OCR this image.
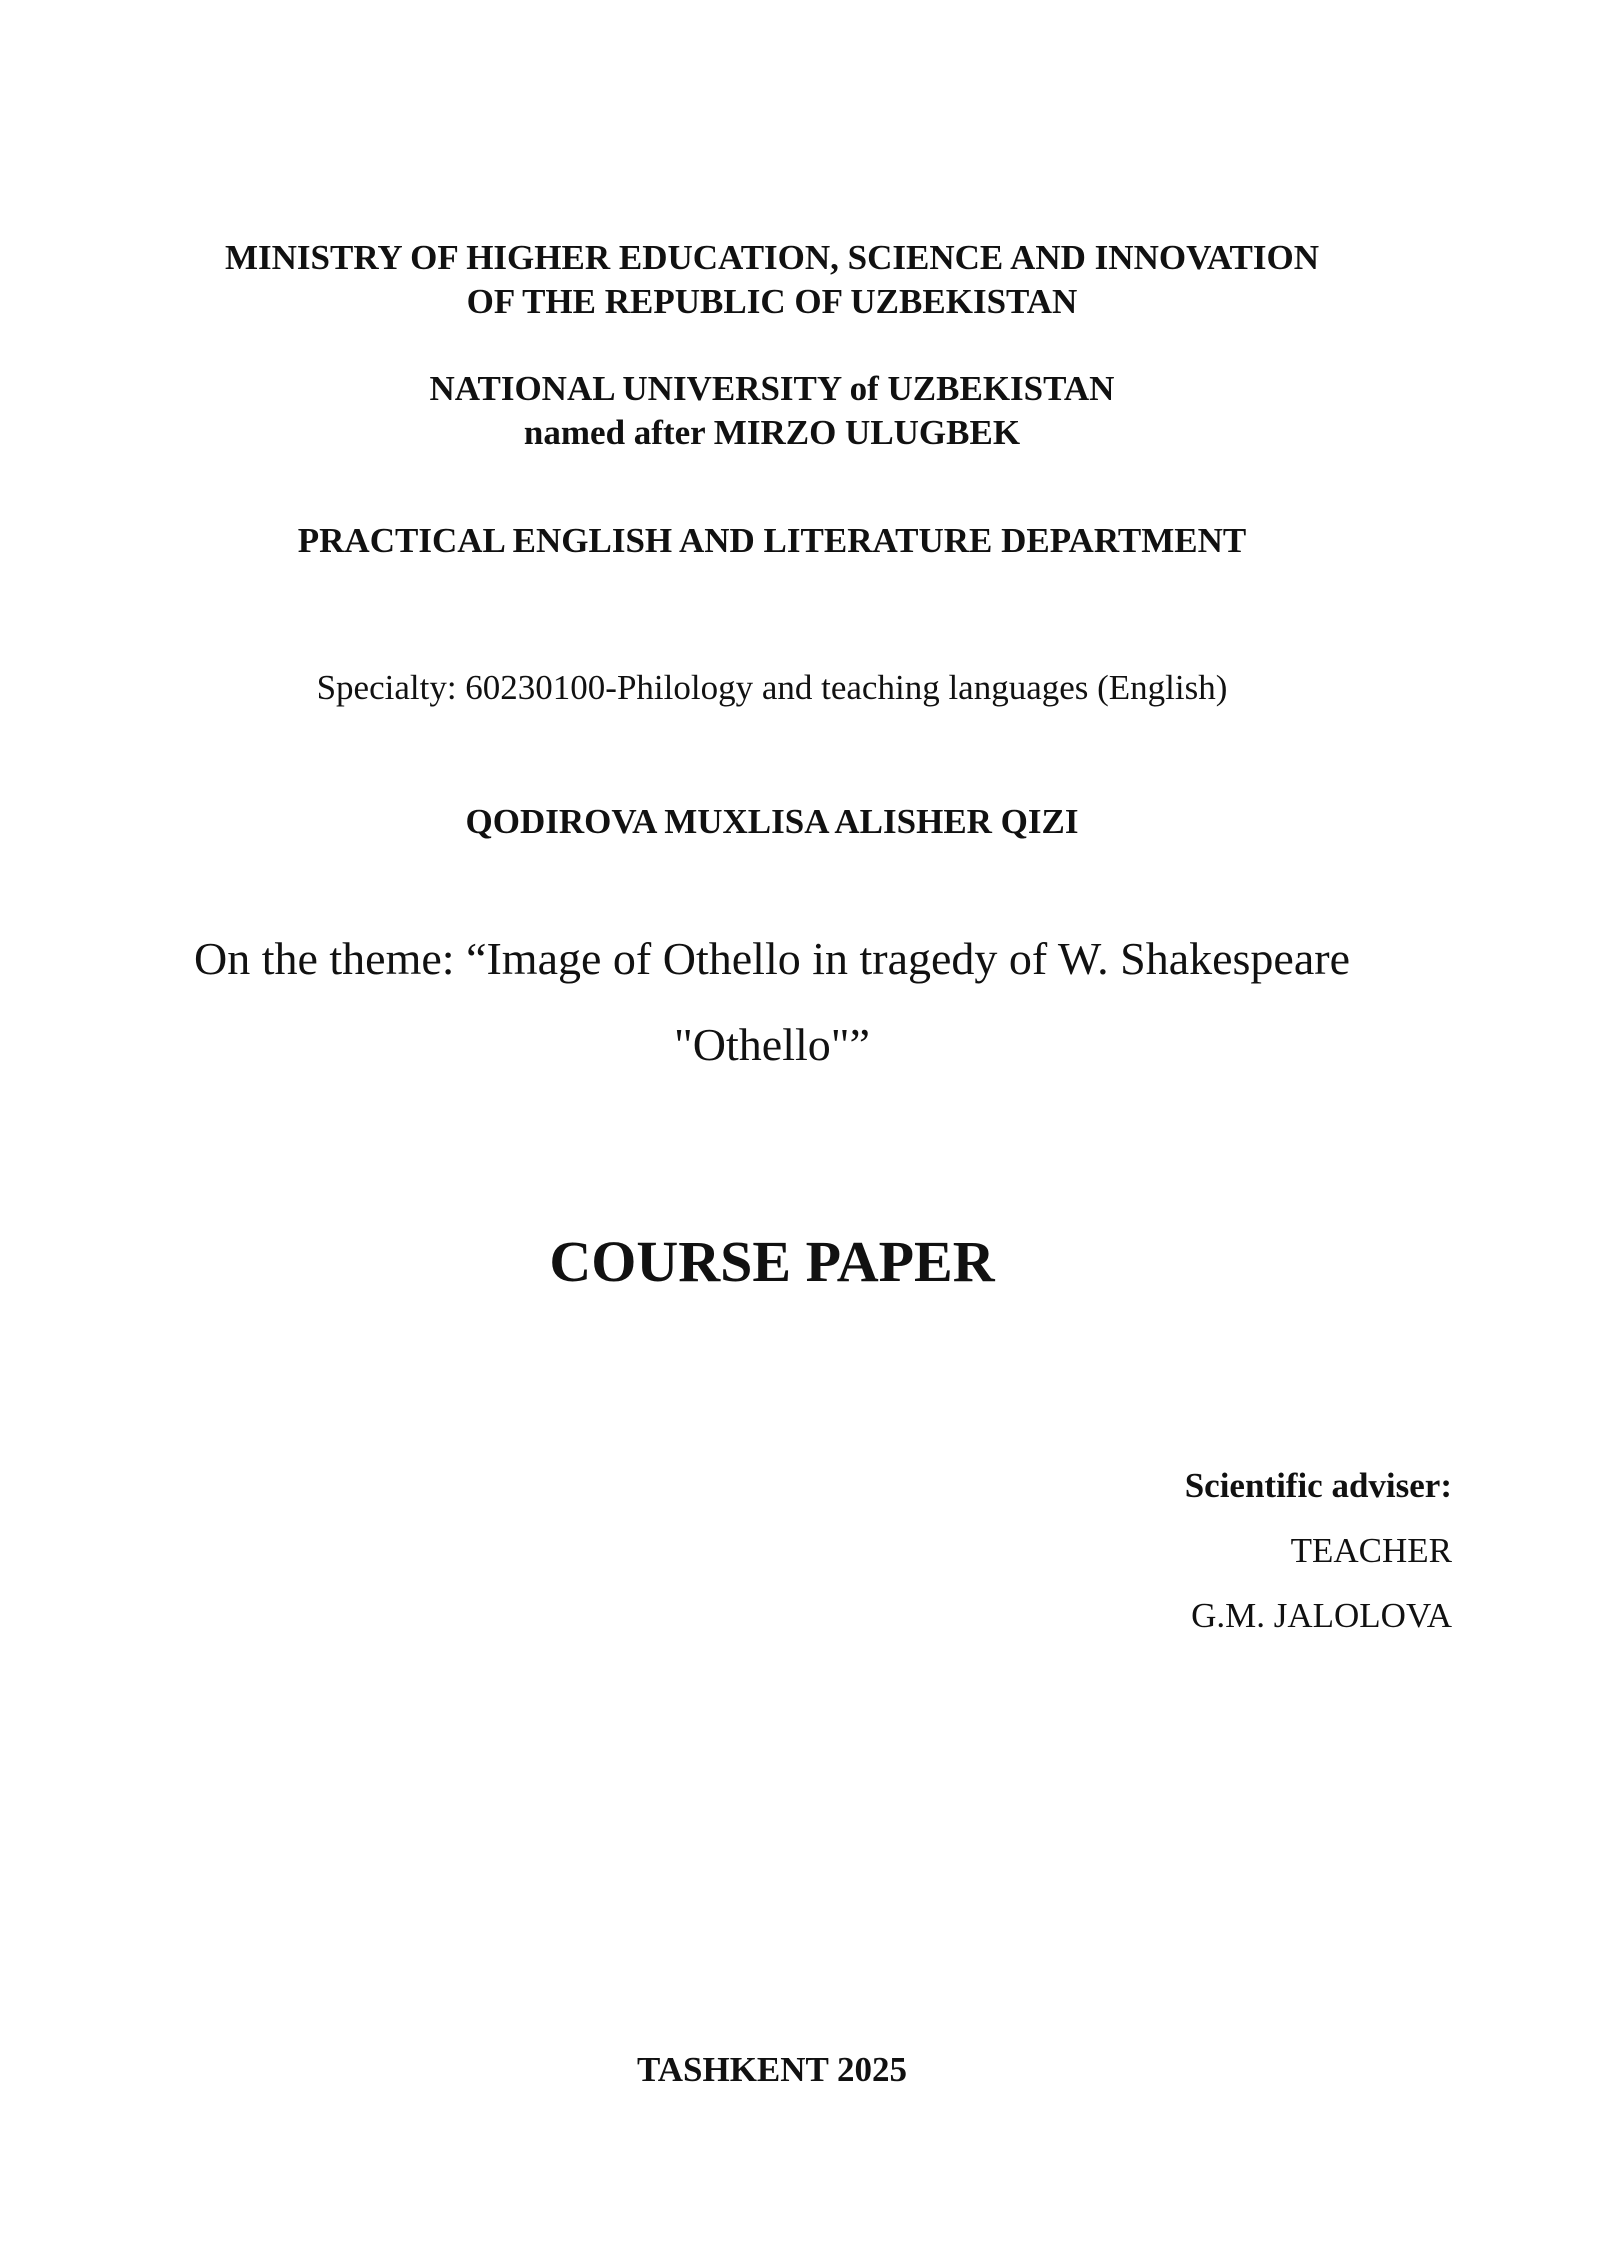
MINISTRY OF HIGHER EDUCATION, SCIENCE AND INNOVATION
OF THE REPUBLIC OF UZBEKISTAN
NATIONAL UNIVERSITY of UZBEKISTAN
named after MIRZO ULUGBEK
PRACTICAL ENGLISH AND LITERATURE DEPARTMENT
Specialty: 60230100-Philology and teaching languages (English)
QODIROVA MUXLISA ALISHER QIZI
On the theme: “Image of Othello in tragedy of W. Shakespeare
"Othello"”
COURSE PAPER
Scientific adviser:
TEACHER
G.M. JALOLOVA
TASHKENT 2025
